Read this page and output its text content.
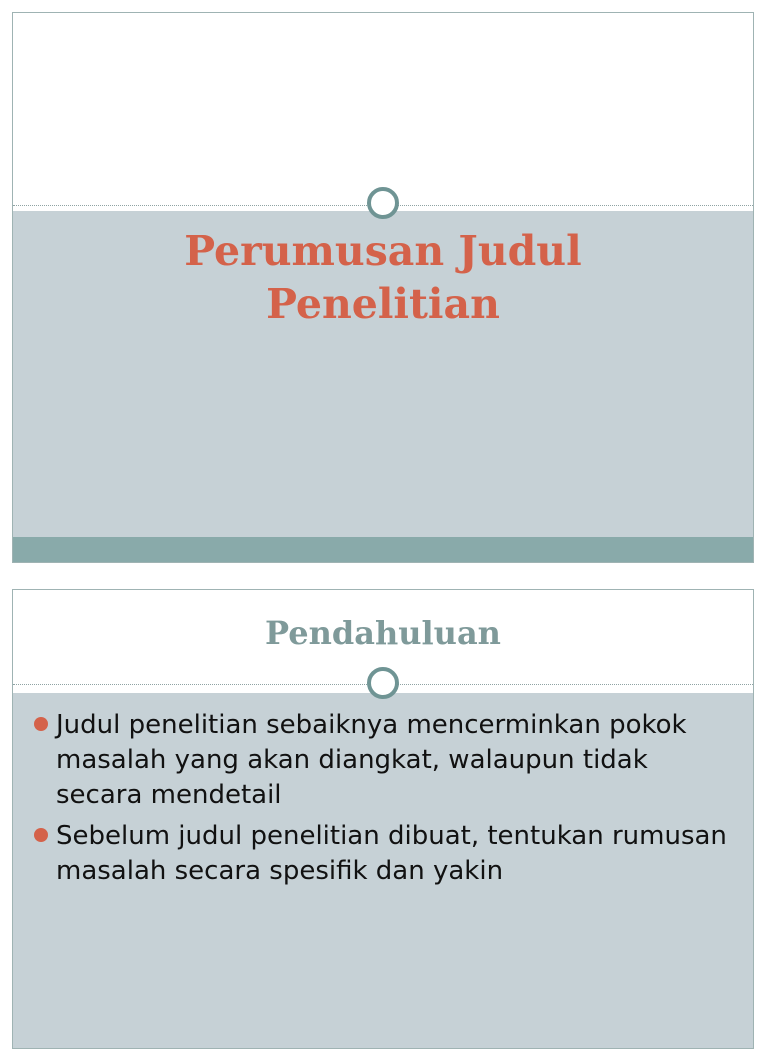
Perumusan Judul
Penelitian
Pendahuluan
Judul penelitian sebaiknya mencerminkan pokok masalah yang akan diangkat, walaupun tidak secara mendetail
Sebelum judul penelitian dibuat, tentukan rumusan masalah secara spesifik dan yakin
